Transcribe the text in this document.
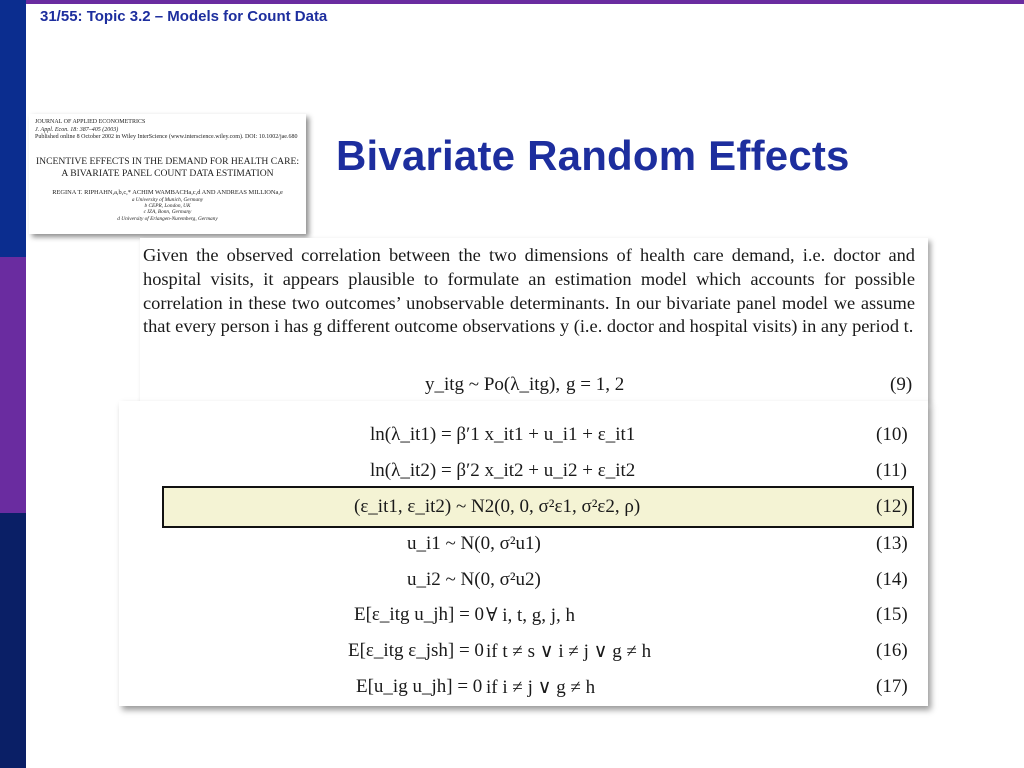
31/55: Topic 3.2 – Models for Count Data
Bivariate Random Effects
JOURNAL OF APPLIED ECONOMETRICS
J. Appl. Econ. 18: 387–405 (2003)
Published online 8 October 2002 in Wiley InterScience (www.interscience.wiley.com). DOI: 10.1002/jae.680
INCENTIVE EFFECTS IN THE DEMAND FOR HEALTH CARE:
A BIVARIATE PANEL COUNT DATA ESTIMATION
REGINA T. RIPHAHN,a,b,c,* ACHIM WAMBACHa,c,d AND ANDREAS MILLIONa,e
a University of Munich, Germany
b CEPR, London, UK
c IZA, Bonn, Germany
d University of Erlangen-Nuremberg, Germany
Given the observed correlation between the two dimensions of health care demand, i.e. doctor and hospital visits, it appears plausible to formulate an estimation model which accounts for possible correlation in these two outcomes’ unobservable determinants. In our bivariate panel model we assume that every person i has g different outcome observations y (i.e. doctor and hospital visits) in any period t.
y_itg ~ Po(λ_itg), g = 1, 2	(9)
ln(λ_it1) = β′1 x_it1 + u_i1 + ε_it1	(10)
ln(λ_it2) = β′2 x_it2 + u_i2 + ε_it2	(11)
(ε_it1, ε_it2) ~ N2(0, 0, σ²ε1, σ²ε2, ρ)	(12)
u_i1 ~ N(0, σ²u1)	(13)
u_i2 ~ N(0, σ²u2)	(14)
E[ε_itg u_jh] = 0 ∀ i, t, g, j, h	(15)
E[ε_itg ε_jsh] = 0 if t ≠ s ∨ i ≠ j ∨ g ≠ h	(16)
E[u_ig u_jh] = 0 if i ≠ j ∨ g ≠ h	(17)
